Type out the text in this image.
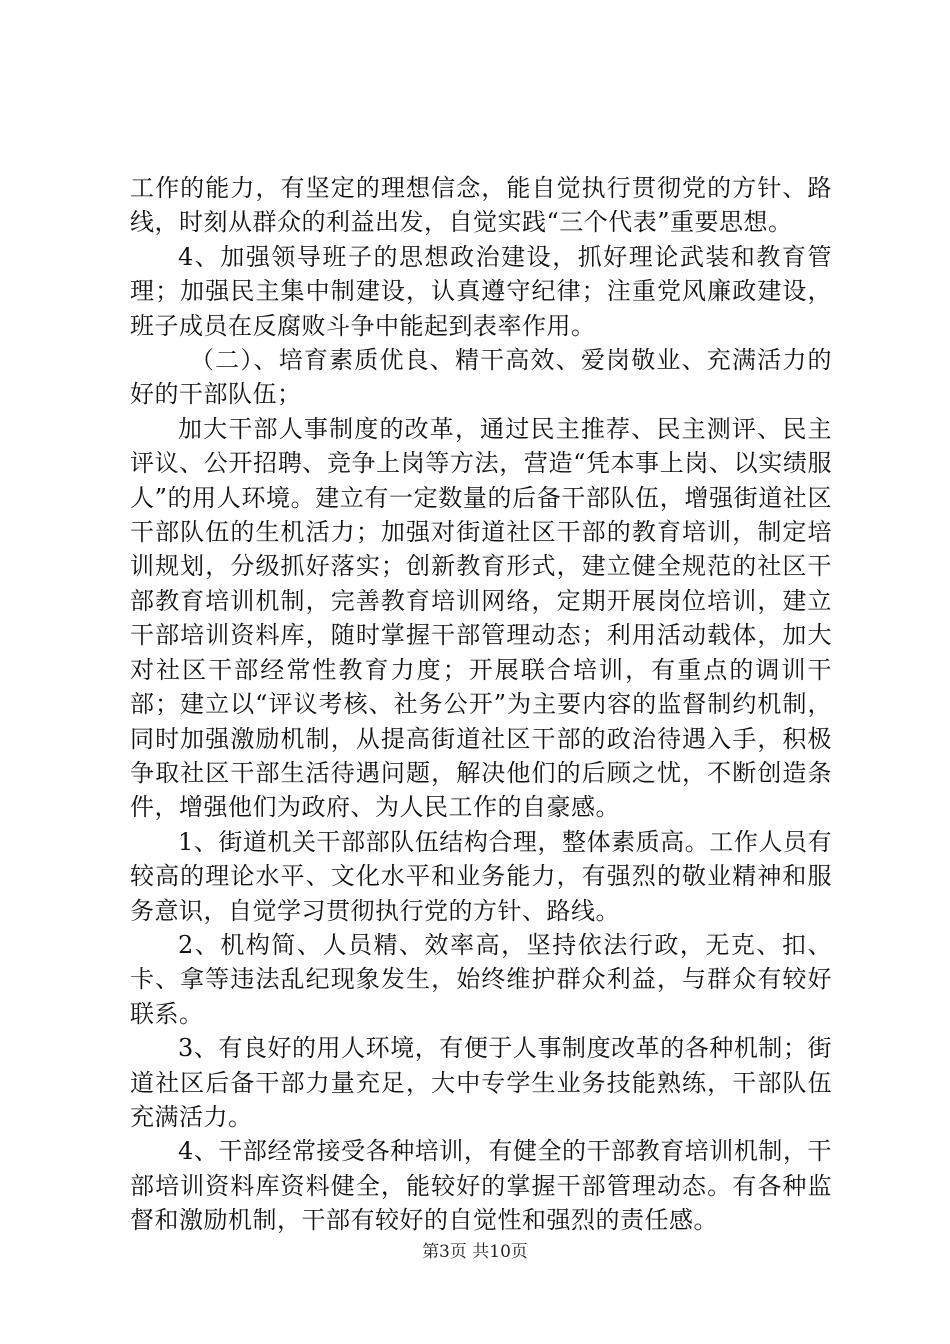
工作的能力，有坚定的理想信念，能自觉执行贯彻党的方针、路线，时刻从群众的利益出发，自觉实践“三个代表”重要思想。

4、加强领导班子的思想政治建设，抓好理论武装和教育管理；加强民主集中制建设，认真遵守纪律；注重党风廉政建设，班子成员在反腐败斗争中能起到表率作用。

（二）、培育素质优良、精干高效、爱岗敬业、充满活力的好的干部队伍；

加大干部人事制度的改革，通过民主推荐、民主测评、民主评议、公开招聘、竞争上岗等方法，营造“凭本事上岗、以实绩服人”的用人环境。建立有一定数量的后备干部队伍，增强街道社区干部队伍的生机活力；加强对街道社区干部的教育培训，制定培训规划，分级抓好落实；创新教育形式，建立健全规范的社区干部教育培训机制，完善教育培训网络，定期开展岗位培训，建立干部培训资料库，随时掌握干部管理动态；利用活动载体，加大对社区干部经常性教育力度；开展联合培训，有重点的调训干部；建立以“评议考核、社务公开”为主要内容的监督制约机制，同时加强激励机制，从提高街道社区干部的政治待遇入手，积极争取社区干部生活待遇问题，解决他们的后顾之忧，不断创造条件，增强他们为政府、为人民工作的自豪感。

1、街道机关干部部队伍结构合理，整体素质高。工作人员有较高的理论水平、文化水平和业务能力，有强烈的敬业精神和服务意识，自觉学习贯彻执行党的方针、路线。

2、机构简、人员精、效率高，坚持依法行政，无克、扣、卡、拿等违法乱纪现象发生，始终维护群众利益，与群众有较好联系。

3、有良好的用人环境，有便于人事制度改革的各种机制；街道社区后备干部力量充足，大中专学生业务技能熟练，干部队伍充满活力。

4、干部经常接受各种培训，有健全的干部教育培训机制，干部培训资料库资料健全，能较好的掌握干部管理动态。有各种监督和激励机制，干部有较好的自觉性和强烈的责任感。

第3页 共10页
